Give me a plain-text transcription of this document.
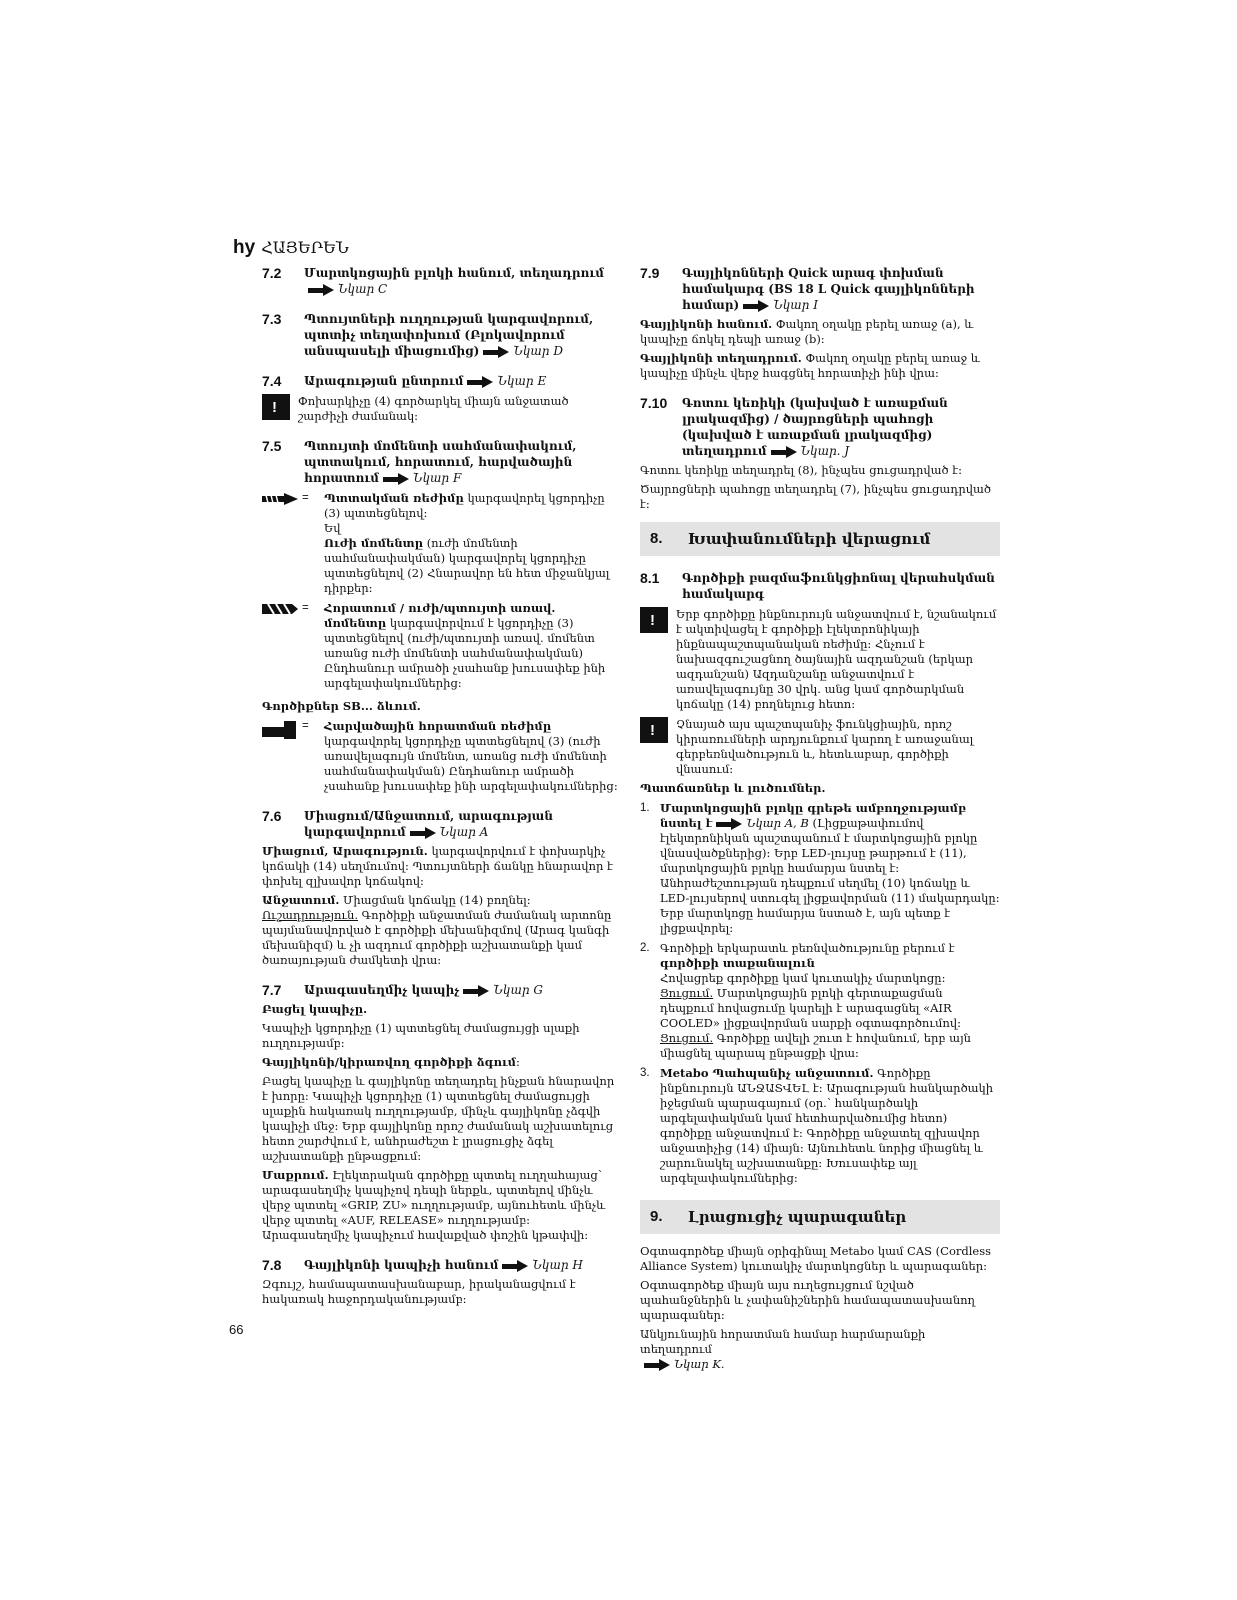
hy ՀԱՅԵՐԵՆ
7.2	Մարտկոցային բլոկի հանում, տեղադրում
Նկար C
7.3	Պտույտների ուղղության կարգավորում, պտտիչ տեղափոխում (Բլոկավորում անսպասելի միացումից)	Նկար D
7.4	Արագության ընտրում	Նկար E
!
Փոխարկիչը (4) գործարկել միայն անջատած շարժիչի ժամանակ։
7.5	Պտույտի մոմենտի սահմանափակում, պտտակում, հորատում, հարվածային հորատում	Նկար F
=	Պտտակման ռեժիմը կարգավորել կցորդիչը (3) պտտեցնելով։
Եվ
Ուժի մոմենտը (ուժի մոմենտի սահմանափակման) կարգավորել կցորդիչը պտտեցնելով (2) Հնարավոր են հետ միջանկյալ դիրքեր։
=	Հորատում / ուժի/պտույտի առավ. մոմենտը կարգավորվում է կցորդիչը (3) պտտեցնելով (ուժի/պտույտի առավ. մոմենտ առանց ուժի մոմենտի սահմանափակման) Ընդհանուր ամրածի չսահանք խուսափեք ինի արգելափակումներից։

Գործիքներ SB... ձևում.

=	Հարվածային հորատման ռեժիմը կարգավորել կցորդիչը պտտեցնելով (3) (ուժի առավելագույն մոմենտ, առանց ուժի մոմենտի սահմանափակման) Ընդհանուր ամրածի չսահանք խուսափեք ինի արգելափակումներից։
7.6	Միացում/Անջատում, արագության կարգավորում	Նկար A

Միացում, Արագություն. կարգավորվում է փոխարկիչ կոճակի (14) սեղմումով։ Պտույտների ճանկը հնարավոր է փոխել զլխավոր կոճակով։

Անջատում. Միացման կոճակը (14) բողնել։ Ուշադրություն. Գործիքի անջատման ժամանակ արտոնը պայմանավորված է գործիքի մեխանիզմով (Արագ կանգի մեխանիզմ) և չի ազդում գործիքի աշխատանքի կամ ծառայության ժամկետի վրա։

7.7	Արագասեղմիչ կապիչ	Նկար G

Բացել կապիչը.

Կապիչի կցորդիչը (1) պտտեցնել ժամացույցի սլաքի ուղղությամբ։

Գայլիկոնի/կիրառվող գործիքի ձգում։

Բացել կապիչը և գայլիկոնը տեղադրել ինչքան հնարավոր է խորը։ Կապիչի կցորդիչը (1) պտտեցնել ժամացույցի սլաքին հակառակ ուղղությամբ, մինչև գայլիկոնը չձգվի կապիչի մեջ։ Երբ գայլիկոնը որոշ ժամանակ աշխատելուց հետո շարժվում է, անհրաժեշտ է լրացուցիչ ձգել աշխատանքի ընթացքում։

Մաքրում. Էլեկտրական գործիքը պտտել ուղղահայաց՝ արագասեղմիչ կապիչով դեպի ներքև, պտտելով մինչև վերջ պտտել «GRIP, ZU» ուղղությամբ, այնուհետև մինչև վերջ պտտել «AUF, RELEASE» ուղղությամբ։ Արագասեղմիչ կապիչում հավաքված փոշին կթափվի։

7.8	Գայլիկոնի կապիչի հանում	Նկար H

Զգույշ, համապատասխանաբար, իրականացվում է հակառակ հաջորդականությամբ։

7.9	Գայլիկոնների Quick արագ փոխման համակարգ (BS 18 L Quick գայլիկոնների համար)	Նկար I

Գայլիկոնի հանում. Փակող օղակը բերել առաջ (a), և կապիչը ճոկել դեպի առաջ (b)։

Գայլիկոնի տեղադրում. Փակող օղակը բերել առաջ և կապիչը մինչև վերջ հագցնել հորատիչի ինի վրա։

7.10	Գոտու կեռիկի (կախված է առաքման լրակազմից) / ծայրոցների պահոցի (կախված է առաքման լրակազմից) տեղադրում	Նկար. J

Գոտու կեռիկը տեղադրել (8), ինչպես ցուցադրված է։

Ծայրոցների պահոցը տեղադրել (7), ինչպես ցուցադրված է։

8.	Խափանումների վերացում
8.1	Գործիքի բազմաֆունկցիոնալ վերահսկման համակարգ
!
Երբ գործիքը ինքնուրույն անջատվում է, նշանակում է ակտիվացել է գործիքի էլեկտրոնիկայի ինքնապաշտպանական ռեժիմը։ Հնչում է նախազգուշացնող ծայնային ազդանշան (երկար ազդանշան) Ազդանշանը անջատվում է առավելագույնը 30 վրկ. անց կամ գործարկման կոճակը (14) բողնելուց հետո։
!
Չնայած այս պաշտպանիչ ֆունկցիային, որոշ կիրառումների արդյունքում կարող է առաջանալ գերբեռնվածություն և, հետևաբար, գործիքի վնասում։

Պատճառներ և լուծումներ.

1. Մարտկոցային բլոկը գրեթե ամբողջությամբ նստել է	Նկար A, B (Լիցքաթափումով էլեկտրոնիկան պաշտպանում է մարտկոցային բլոկը վնասվածքներից)։ Երբ LED-լույսը թարթում է (11), մարտկոցային բլոկը համարյա նստել է։ Անհրաժեշտության դեպքում սեղմել (10) կոճակը և LED-լույսերով ստուգել լիցքավորման (11) մակարդակը։ Երբ մարտկոցը համարյա նստած է, այն պետք է լիցքավորել։
2. Գործիքի երկարատև բեռնվածությունը բերում է գործիքի տաքանալուն
Հովացրեք գործիքը կամ կուտակիչ մարտկոցը։
Ցուցում. Մարտկոցային բլոկի գերտաքացման դեպքում հովացումը կարելի է արագացնել «AIR COOLED» լիցքավորման սարքի օգտագործումով։
Ցուցում. Գործիքը ավելի շուտ է հովանում, երբ այն միացնել պարապ ընթացքի վրա։
3. Metabo Պահպանիչ անջատում. Գործիքը ինքնուրույն ԱՆՋԱՏՎԵԼ է։ Արագության հանկարծակի իջեցման պարագայում (օր.՝ հանկարծակի արգելափակման կամ հետհարվածումից հետո) գործիքը անջատվում է։ Գործիքը անջատել զլխավոր անջատիչից (14) միայն։ Այնուհետև նորից միացնել և շարունակել աշխատանքը։ Խուսափեք այլ արգելափակումներից։
9.	Լրացուցիչ պարագաներ

Օգտագործեք միայն օրիգինալ Metabo կամ CAS (Cordless Alliance System) կուտակիչ մարտկոցներ և պարագաներ։

Օգտագործեք միայն այս ուղեցույցում նշված պահանջներին և չափանիշներին համապատասխանող պարագաներ։

Անկյունային հորատման համար հարմարանքի տեղադրում
Նկար K.

66
